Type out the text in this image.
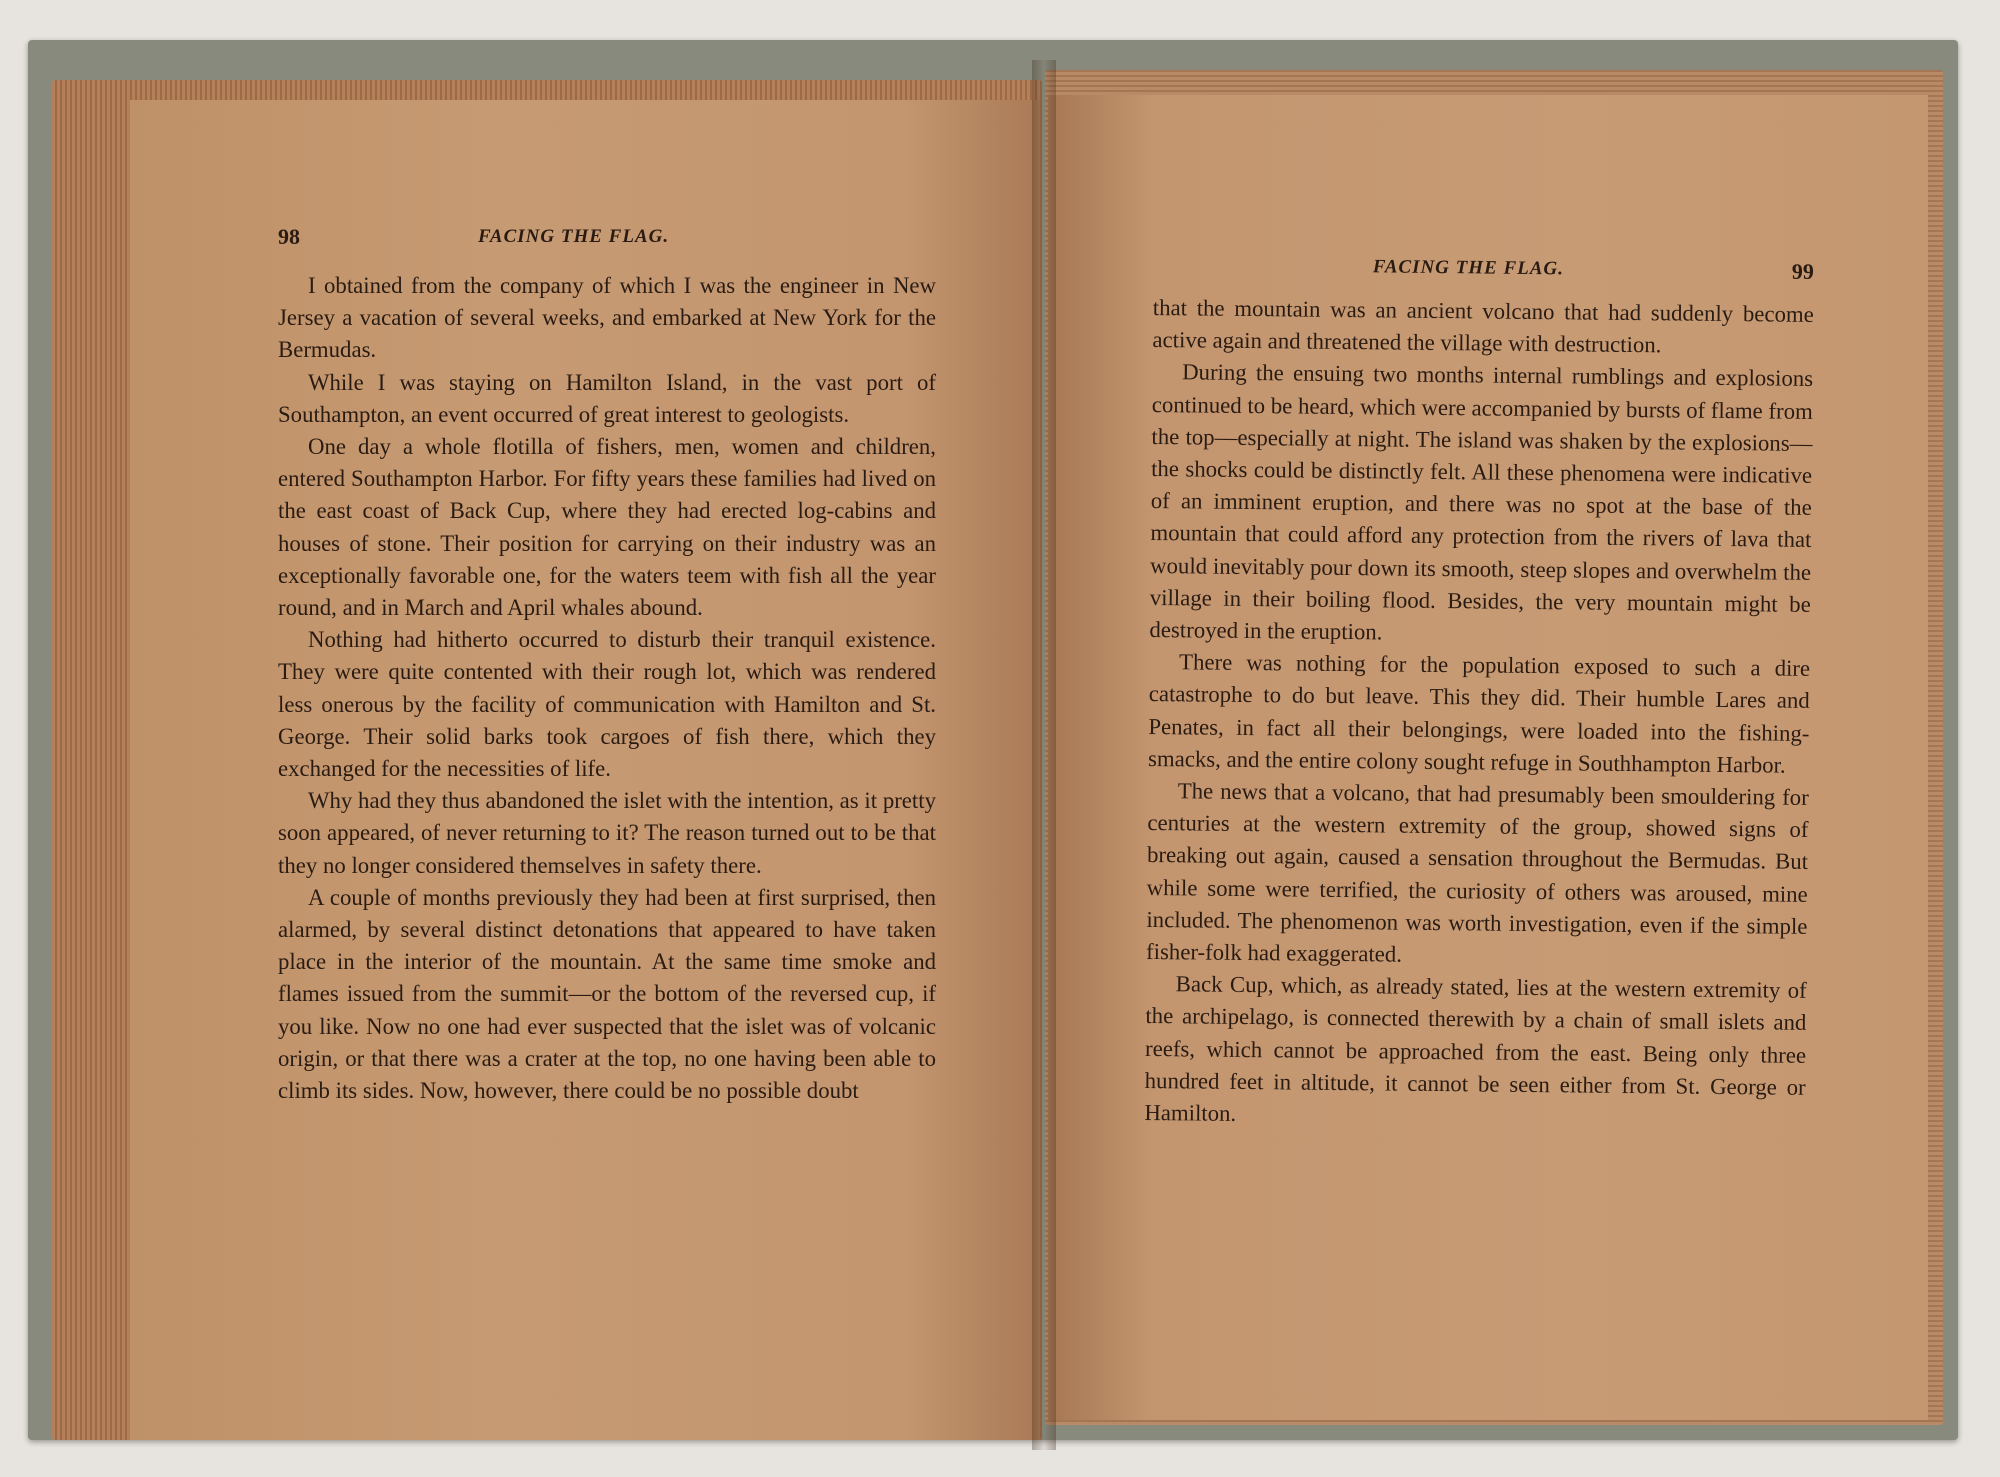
98	FACING THE FLAG.

I obtained from the company of which I was the engineer in New Jersey a vacation of several weeks, and embarked at New York for the Bermudas.

While I was staying on Hamilton Island, in the vast port of Southampton, an event occurred of great interest to geologists.

One day a whole flotilla of fishers, men, women and children, entered Southampton Harbor. For fifty years these families had lived on the east coast of Back Cup, where they had erected log-cabins and houses of stone. Their position for carrying on their industry was an exceptionally favorable one, for the waters teem with fish all the year round, and in March and April whales abound.

Nothing had hitherto occurred to disturb their tranquil existence. They were quite contented with their rough lot, which was rendered less onerous by the facility of communication with Hamilton and St. George. Their solid barks took cargoes of fish there, which they exchanged for the necessities of life.

Why had they thus abandoned the islet with the intention, as it pretty soon appeared, of never returning to it? The reason turned out to be that they no longer considered themselves in safety there.

A couple of months previously they had been at first surprised, then alarmed, by several distinct detonations that appeared to have taken place in the interior of the mountain. At the same time smoke and flames issued from the summit—or the bottom of the reversed cup, if you like. Now no one had ever suspected that the islet was of volcanic origin, or that there was a crater at the top, no one having been able to climb its sides. Now, however, there could be no possible doubt

FACING THE FLAG.	99

that the mountain was an ancient volcano that had suddenly become active again and threatened the village with destruction.

During the ensuing two months internal rumblings and explosions continued to be heard, which were accompanied by bursts of flame from the top—especially at night. The island was shaken by the explosions—the shocks could be distinctly felt. All these phenomena were indicative of an imminent eruption, and there was no spot at the base of the mountain that could afford any protection from the rivers of lava that would inevitably pour down its smooth, steep slopes and overwhelm the village in their boiling flood. Besides, the very mountain might be destroyed in the eruption.

There was nothing for the population exposed to such a dire catastrophe to do but leave. This they did. Their humble Lares and Penates, in fact all their belongings, were loaded into the fishing-smacks, and the entire colony sought refuge in Southhampton Harbor.

The news that a volcano, that had presumably been smouldering for centuries at the western extremity of the group, showed signs of breaking out again, caused a sensation throughout the Bermudas. But while some were terrified, the curiosity of others was aroused, mine included. The phenomenon was worth investigation, even if the simple fisher-folk had exaggerated.

Back Cup, which, as already stated, lies at the western extremity of the archipelago, is connected therewith by a chain of small islets and reefs, which cannot be approached from the east. Being only three hundred feet in altitude, it cannot be seen either from St. George or Hamilton.
